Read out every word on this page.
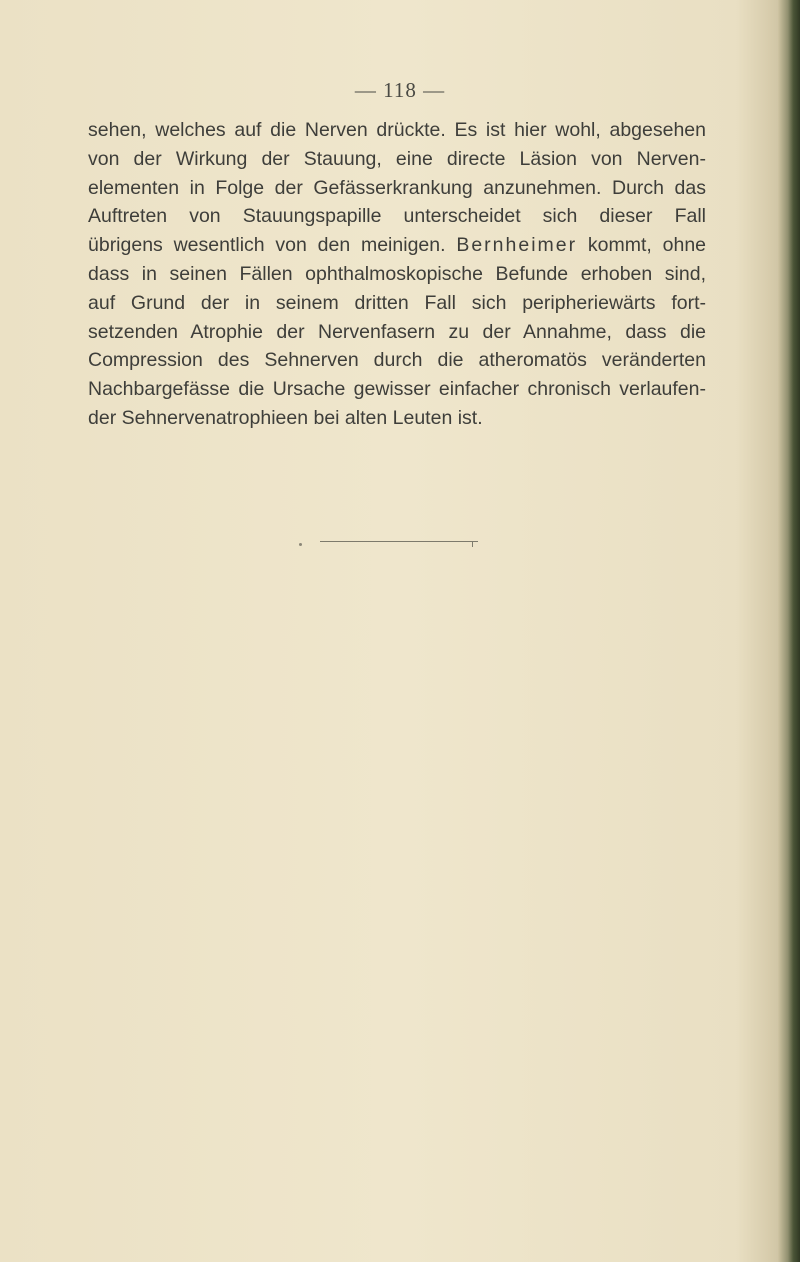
— 118 —
sehen, welches auf die Nerven drückte. Es ist hier wohl, abgesehen
von der Wirkung der Stauung, eine directe Läsion von Nerven-
elementen in Folge der Gefässerkrankung anzunehmen. Durch das
Auftreten von Stauungspapille unterscheidet sich dieser Fall
übrigens wesentlich von den meinigen. Bernheimer kommt, ohne
dass in seinen Fällen ophthalmoskopische Befunde erhoben sind,
auf Grund der in seinem dritten Fall sich peripheriewärts fort-
setzenden Atrophie der Nervenfasern zu der Annahme, dass die
Compression des Sehnerven durch die atheromatös veränderten
Nachbargefässe die Ursache gewisser einfacher chronisch verlaufen-
der Sehnervenatrophieen bei alten Leuten ist.
